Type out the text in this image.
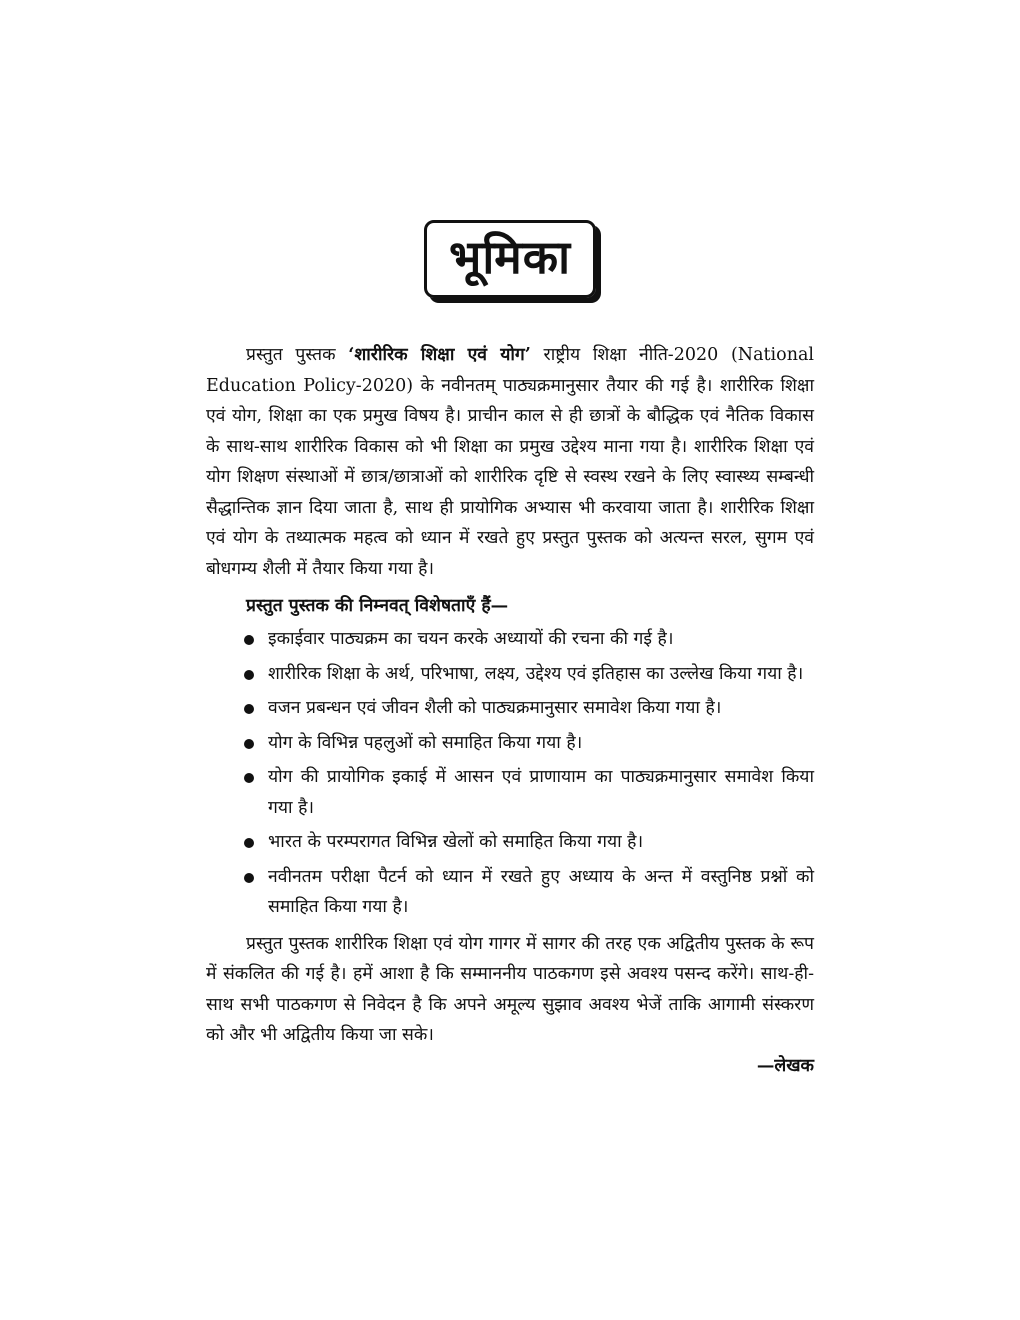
भूमिका

प्रस्तुत पुस्तक ‘शारीरिक शिक्षा एवं योग’ राष्ट्रीय शिक्षा नीति-2020 (National Education Policy-2020) के नवीनतम् पाठ्यक्रमानुसार तैयार की गई है। शारीरिक शिक्षा एवं योग, शिक्षा का एक प्रमुख विषय है। प्राचीन काल से ही छात्रों के बौद्धिक एवं नैतिक विकास के साथ-साथ शारीरिक विकास को भी शिक्षा का प्रमुख उद्देश्य माना गया है। शारीरिक शिक्षा एवं योग शिक्षण संस्थाओं में छात्र/छात्राओं को शारीरिक दृष्टि से स्वस्थ रखने के लिए स्वास्थ्य सम्बन्धी सैद्धान्तिक ज्ञान दिया जाता है, साथ ही प्रायोगिक अभ्यास भी करवाया जाता है। शारीरिक शिक्षा एवं योग के तथ्यात्मक महत्व को ध्यान में रखते हुए प्रस्तुत पुस्तक को अत्यन्त सरल, सुगम एवं बोधगम्य शैली में तैयार किया गया है।

प्रस्तुत पुस्तक की निम्नवत् विशेषताएँ हैं—
इकाईवार पाठ्यक्रम का चयन करके अध्यायों की रचना की गई है।
शारीरिक शिक्षा के अर्थ, परिभाषा, लक्ष्य, उद्देश्य एवं इतिहास का उल्लेख किया गया है।
वजन प्रबन्धन एवं जीवन शैली को पाठ्यक्रमानुसार समावेश किया गया है।
योग के विभिन्न पहलुओं को समाहित किया गया है।
योग की प्रायोगिक इकाई में आसन एवं प्राणायाम का पाठ्यक्रमानुसार समावेश किया गया है।
भारत के परम्परागत विभिन्न खेलों को समाहित किया गया है।
नवीनतम परीक्षा पैटर्न को ध्यान में रखते हुए अध्याय के अन्त में वस्तुनिष्ठ प्रश्नों को समाहित किया गया है।

प्रस्तुत पुस्तक शारीरिक शिक्षा एवं योग गागर में सागर की तरह एक अद्वितीय पुस्तक के रूप में संकलित की गई है। हमें आशा है कि सम्माननीय पाठकगण इसे अवश्य पसन्द करेंगे। साथ-ही-साथ सभी पाठकगण से निवेदन है कि अपने अमूल्य सुझाव अवश्य भेजें ताकि आगामी संस्करण को और भी अद्वितीय किया जा सके।

—लेखक
